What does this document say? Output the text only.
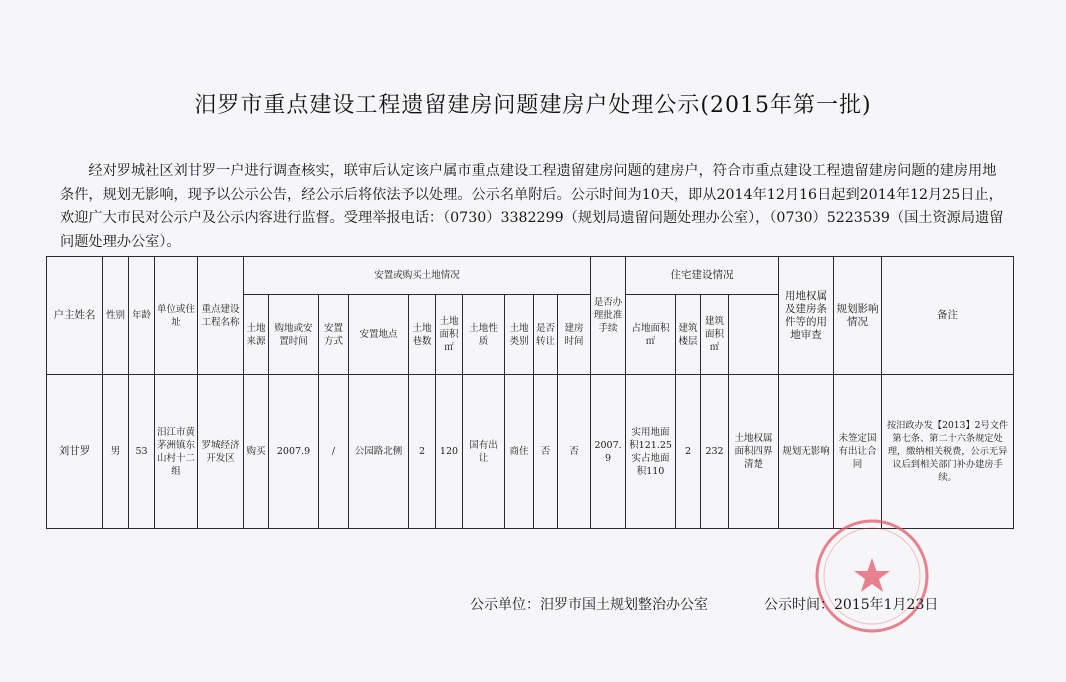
汨罗市重点建设工程遗留建房问题建房户处理公示(2015年第一批)
经对罗城社区刘甘罗一户进行调查核实，联审后认定该户属市重点建设工程遗留建房问题的建房户，符合市重点建设工程遗留建房问题的建房用地条件，规划无影响，现予以公示公告，经公示后将依法予以处理。公示名单附后。公示时间为10天，即从2014年12月16日起到2014年12月25日止，欢迎广大市民对公示户及公示内容进行监督。受理举报电话：（0730）3382299（规划局遗留问题处理办公室），（0730）5223539（国土资源局遗留问题处理办公室）。
户主姓名	性别	年龄	单位或住址	重点建设工程名称	安置或购买土地情况										是否办理批准手续	住宅建设情况				用地权属及建房条件等的用地审查	规划影响情况	备注	
					土地来源	购地或安置时间	安置方式	安置地点	土地巷数	土地面积㎡	土地性质	土地类别	是否转让	建房时间		占地面积㎡	建筑楼层	建筑面积㎡					
刘甘罗	男	53	汨江市黄茅洲镇东山村十二组	罗城经济开发区	购买	2007.9	/	公园路北侧	2	120	国有出让	商住	否	否	2007.9	实用地面积121.25实占地面积110	2	232	土地权属面积四界清楚	规划无影响	未签定国有出让合同	按汨政办发【2013】2号文件第七条、第二十六条规定处理，缴纳相关税费，公示无异议后到相关部门补办建房手续。	
公示单位：汨罗市国土规划整治办公室	公示时间：2015年1月23日
